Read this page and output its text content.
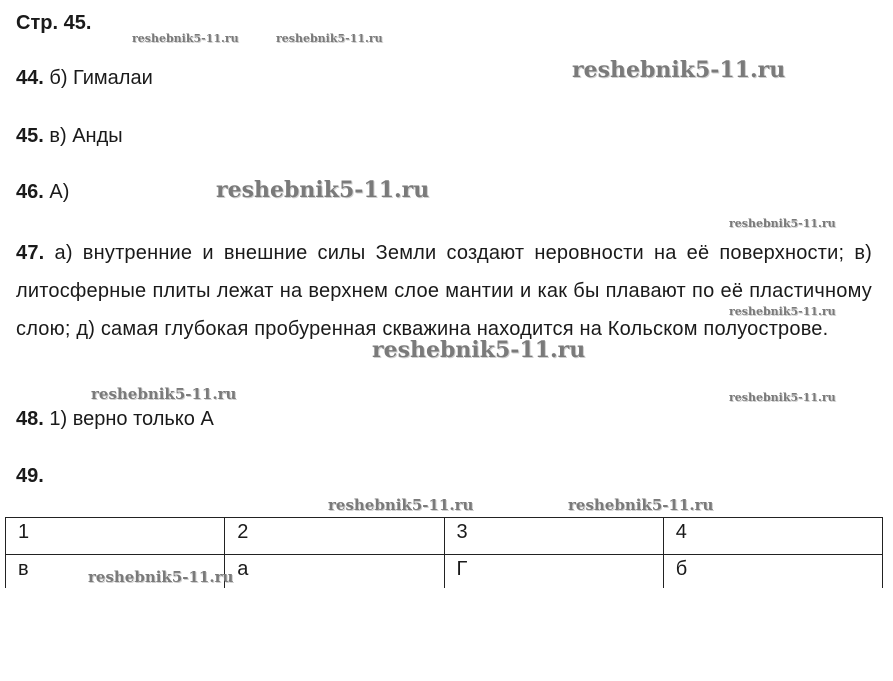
Стр. 45.
44. б) Гималаи
45. в) Анды
46. А)
47. а) внутренние и внешние силы Земли создают неровности на её поверхности; в) литосферные плиты лежат на верхнем слое мантии и как бы плавают по её пластичному слою; д) самая глубокая пробуренная скважина находится на Кольском полуострове.
48. 1) верно только А
49.
1	2	3	4
в	а	Г	б
reshebnik5-11.ru	reshebnik5-11.ru
reshebnik5-11.ru
reshebnik5-11.ru
reshebnik5-11.ru
reshebnik5-11.ru
reshebnik5-11.ru
reshebnik5-11.ru	reshebnik5-11.ru
reshebnik5-11.ru	reshebnik5-11.ru
reshebnik5-11.ru
